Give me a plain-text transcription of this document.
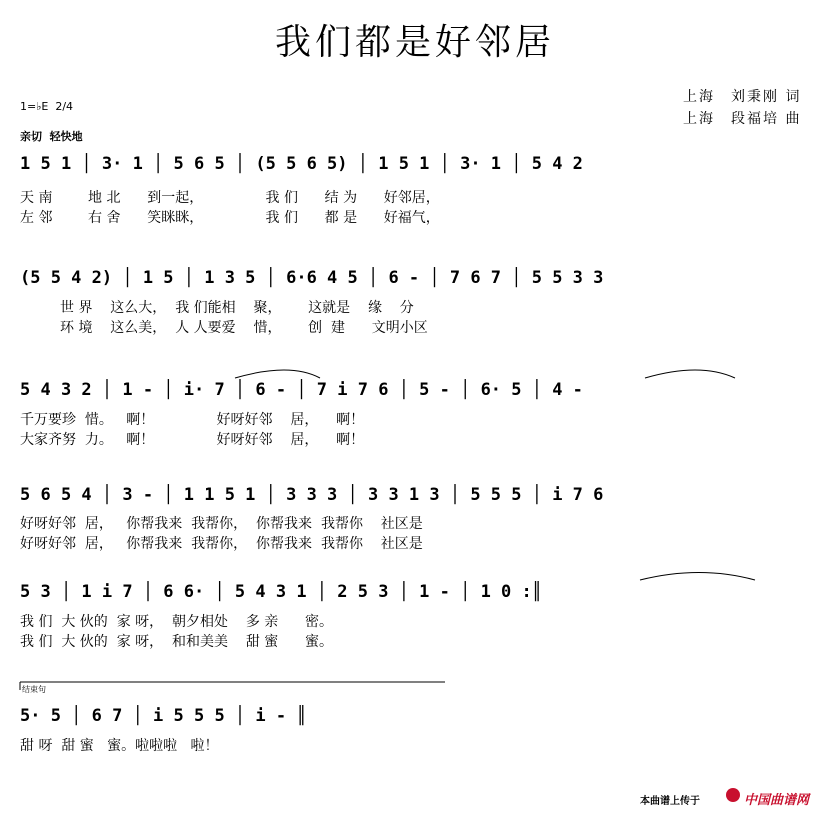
我们都是好邻居
上海　刘秉刚 词
上海　段福培 曲
1=♭E  2/4
亲切  轻快地
1 5 1 │ 3· 1 │ 5 6 5 │ (5 5 6 5) │ 1 5 1 │ 3· 1 │ 5 4 2
天 南        地 北      到一起，              我 们      结 为      好邻居，
左 邻        右 舍      笑眯眯，              我 们      都 是      好福气，
(5 5 4 2) │ 1 5 │ 1 3 5 │ 6·6 4 5 │ 6 - │ 7 6 7 │ 5 5 3 3
世 界    这么大，  我 们能相    聚，      这就是    缘    分
环 境    这么美，  人 人要爱    惜，      创  建      文明小区
5 4 3 2 │ 1 - │ i· 7 │ 6 - │ 7 i 7 6 │ 5 - │ 6· 5 │ 4 -
千万要珍  惜。   啊！              好呀好邻    居，    啊！
大家齐努  力。   啊！              好呀好邻    居，    啊！
5 6 5 4 │ 3 - │ 1 1 5 1 │ 3 3 3 │ 3 3 1 3 │ 5 5 5 │ i 7 6
好呀好邻  居，   你帮我来  我帮你，  你帮我来  我帮你    社区是
好呀好邻  居，   你帮我来  我帮你，  你帮我来  我帮你    社区是
5 3 │ 1 i 7 │ 6 6· │ 5 4 3 1 │ 2 5 3 │ 1 - │ 1 0 :║
我 们  大 伙的  家 呀，  朝夕相处    多 亲      密。
我 们  大 伙的  家 呀，  和和美美    甜 蜜      蜜。
结束句
5· 5 │ 6 7 │ i 5 5 5 │ i - ║
甜 呀  甜 蜜   蜜。啦啦啦   啦！
本曲谱上传于	中国曲谱网
